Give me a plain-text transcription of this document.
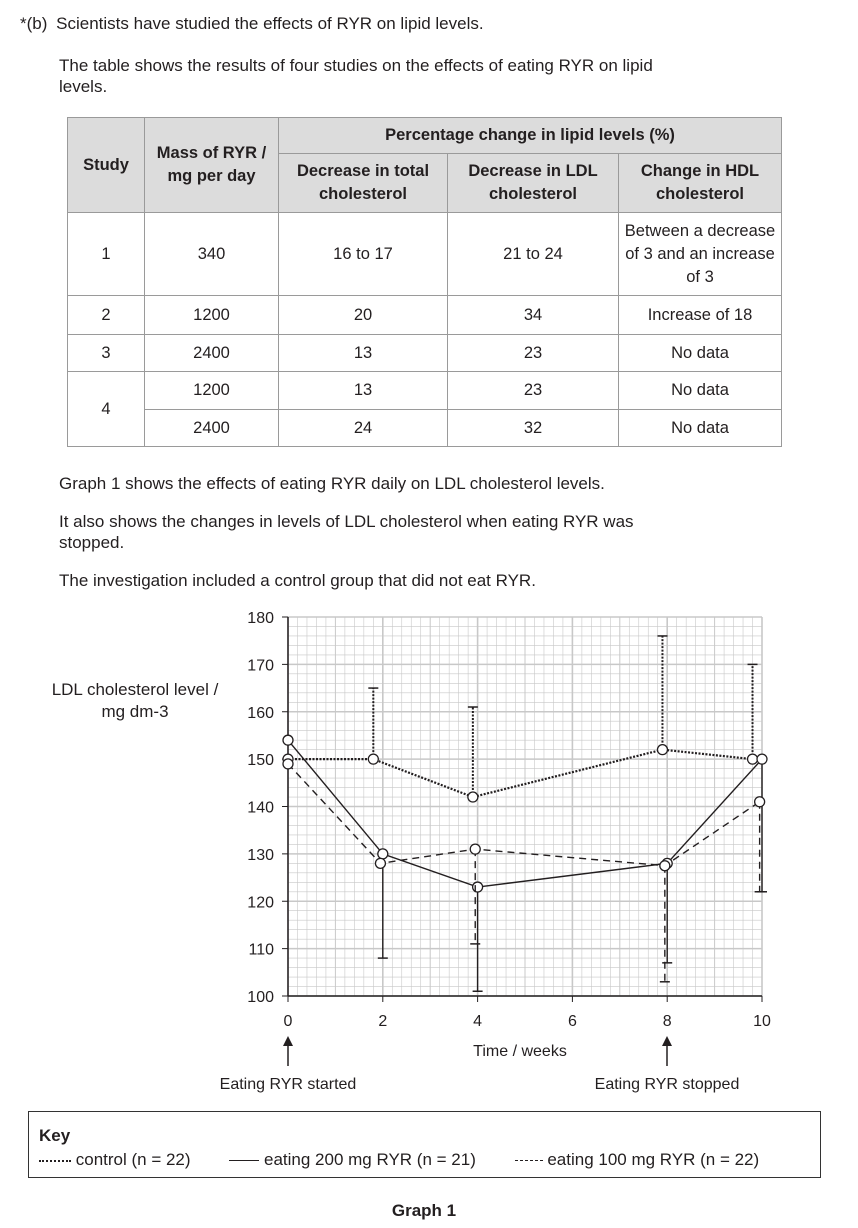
*(b) Scientists have studied the effects of RYR on lipid levels.

The table shows the results of four studies on the effects of eating RYR on lipid levels.

Study	Mass of RYR / mg per day	Percentage change in lipid levels (%)		
		Decrease in total cholesterol	Decrease in LDL cholesterol	Change in HDL cholesterol
1	340	16 to 17	21 to 24	Between a decrease of 3 and an increase of 3
2	1200	20	34	Increase of 18
3	2400	13	23	No data
4	1200	13	23	No data
	2400	24	32	No data

Graph 1 shows the effects of eating RYR daily on LDL cholesterol levels.

It also shows the changes in levels of LDL cholesterol when eating RYR was stopped.

The investigation included a control group that did not eat RYR.

LDL cholesterol level / mg dm-3
100
110
120
130
140
150
160
170
180
0	2	4	6	8	10
Time / weeks
Eating RYR started	Eating RYR stopped
Key
control (n = 22)	eating 200 mg RYR (n = 21)	eating 100 mg RYR (n = 22)
Graph 1
